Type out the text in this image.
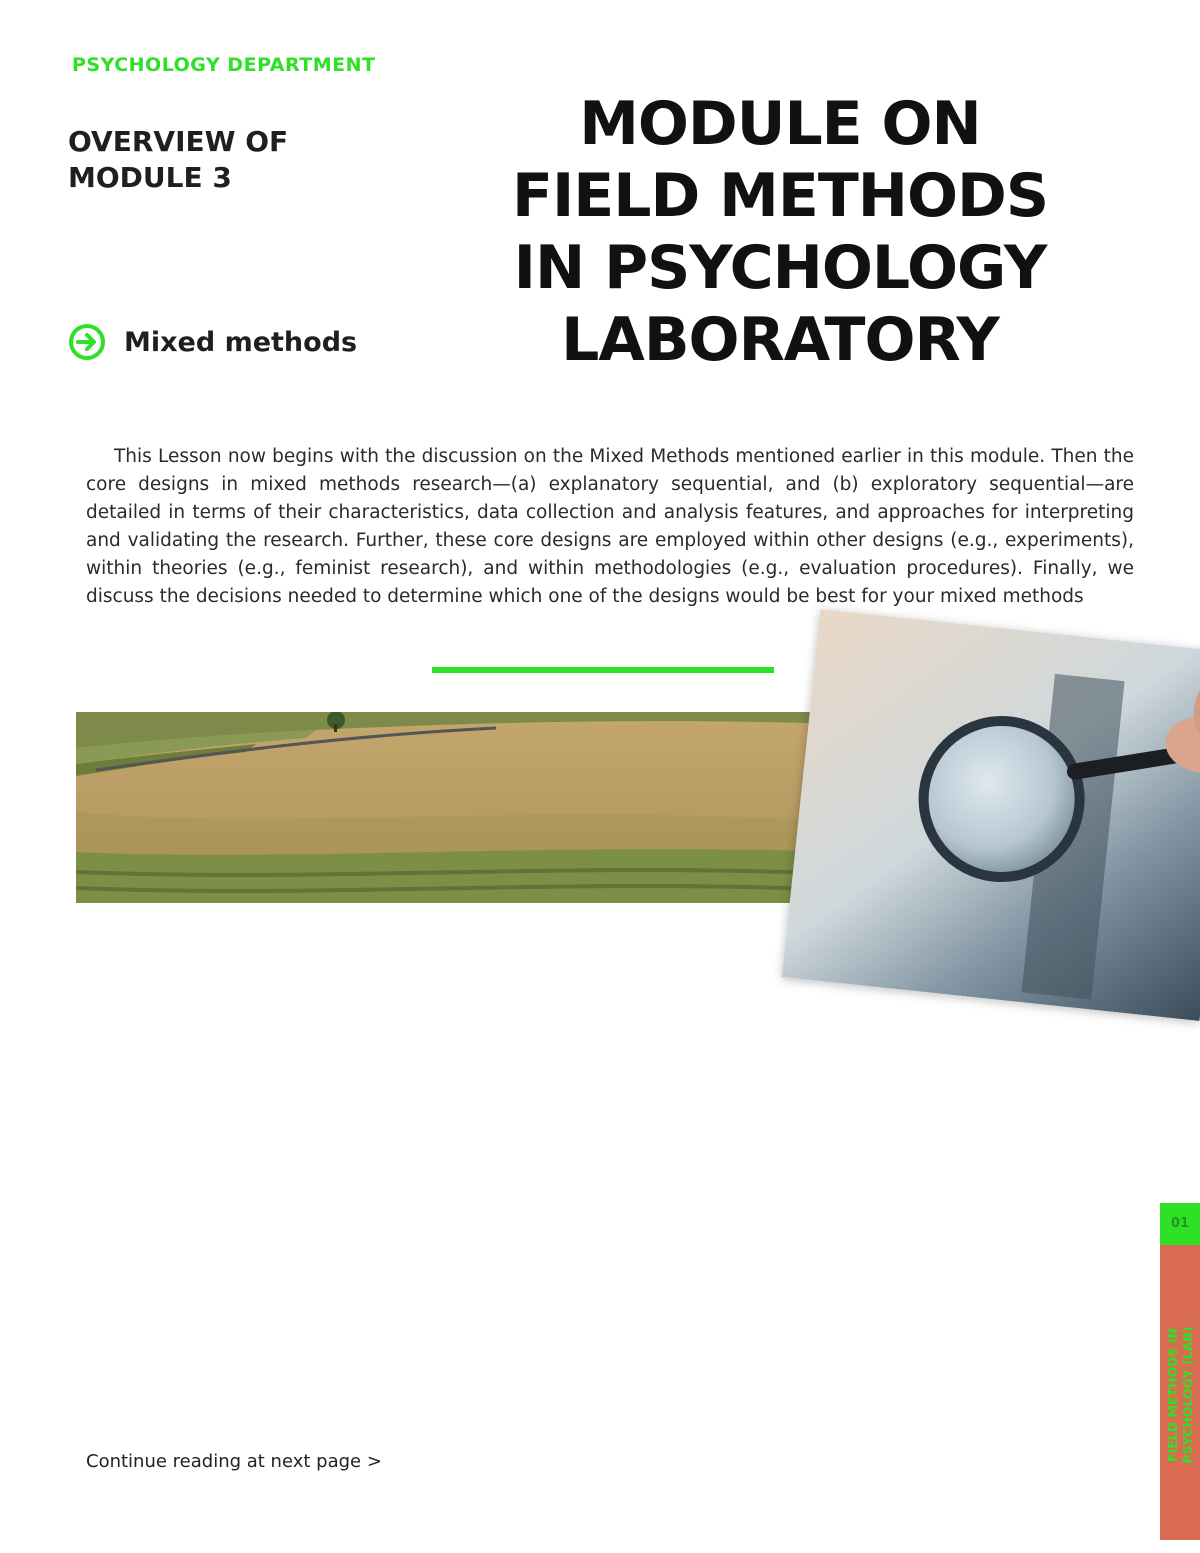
PSYCHOLOGY DEPARTMENT
OVERVIEW OF
MODULE 3
Mixed methods
MODULE ON
FIELD METHODS
IN PSYCHOLOGY
LABORATORY

This Lesson now begins with the discussion on the Mixed Methods mentioned earlier in this module. Then the core designs in mixed methods research—(a) explanatory sequential, and (b) exploratory sequential—are detailed in terms of their characteristics, data collection and analysis features, and approaches for interpreting and validating the research. Further, these core designs are employed within other designs (e.g., experiments), within theories (e.g., feminist research), and within methodologies (e.g., evaluation procedures). Finally, we discuss the decisions needed to determine which one of the designs would be best for your mixed methods

01
FIELD METHODS IN PSYCHOLOGY (LAB)
Continue reading at next page >
